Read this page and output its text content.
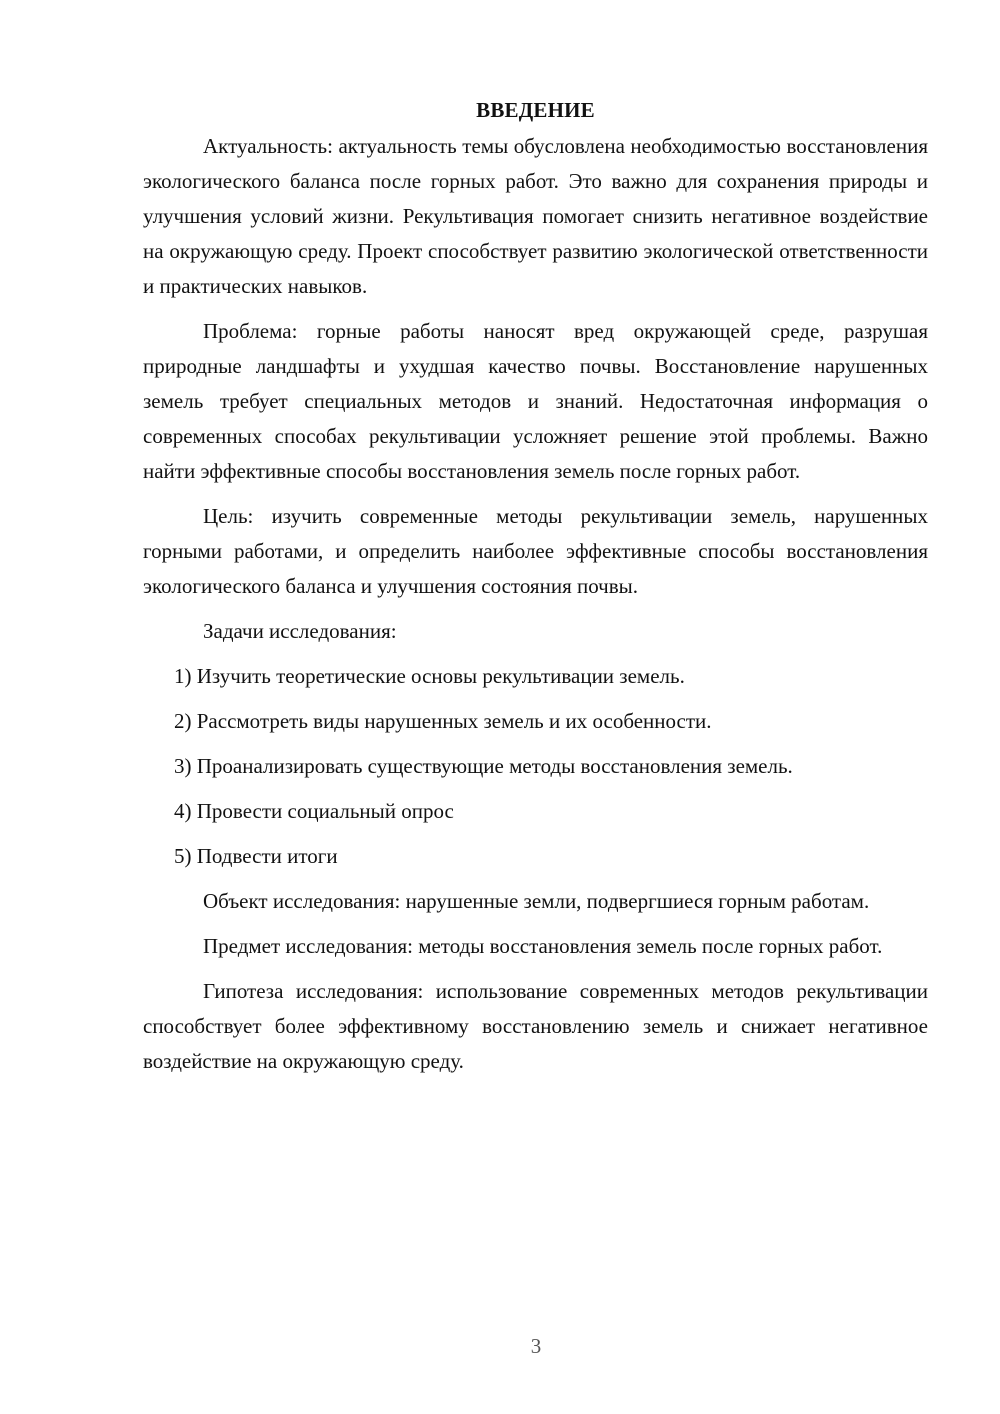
ВВЕДЕНИЕ

Актуальность: актуальность темы обусловлена необходимостью восстановления экологического баланса после горных работ. Это важно для сохранения природы и улучшения условий жизни. Рекультивация помогает снизить негативное воздействие на окружающую среду. Проект способствует развитию экологической ответственности и практических навыков.

Проблема: горные работы наносят вред окружающей среде, разрушая природные ландшафты и ухудшая качество почвы. Восстановление нарушенных земель требует специальных методов и знаний. Недостаточная информация о современных способах рекультивации усложняет решение этой проблемы. Важно найти эффективные способы восстановления земель после горных работ.

Цель: изучить современные методы рекультивации земель, нарушенных горными работами, и определить наиболее эффективные способы восстановления экологического баланса и улучшения состояния почвы.

Задачи исследования:

1) Изучить теоретические основы рекультивации земель.
2) Рассмотреть виды нарушенных земель и их особенности.
3) Проанализировать существующие методы восстановления земель.
4) Провести социальный опрос
5) Подвести итоги

Объект исследования: нарушенные земли, подвергшиеся горным работам.

Предмет исследования: методы восстановления земель после горных работ.

Гипотеза исследования: использование современных методов рекультивации способствует более эффективному восстановлению земель и снижает негативное воздействие на окружающую среду.

3
